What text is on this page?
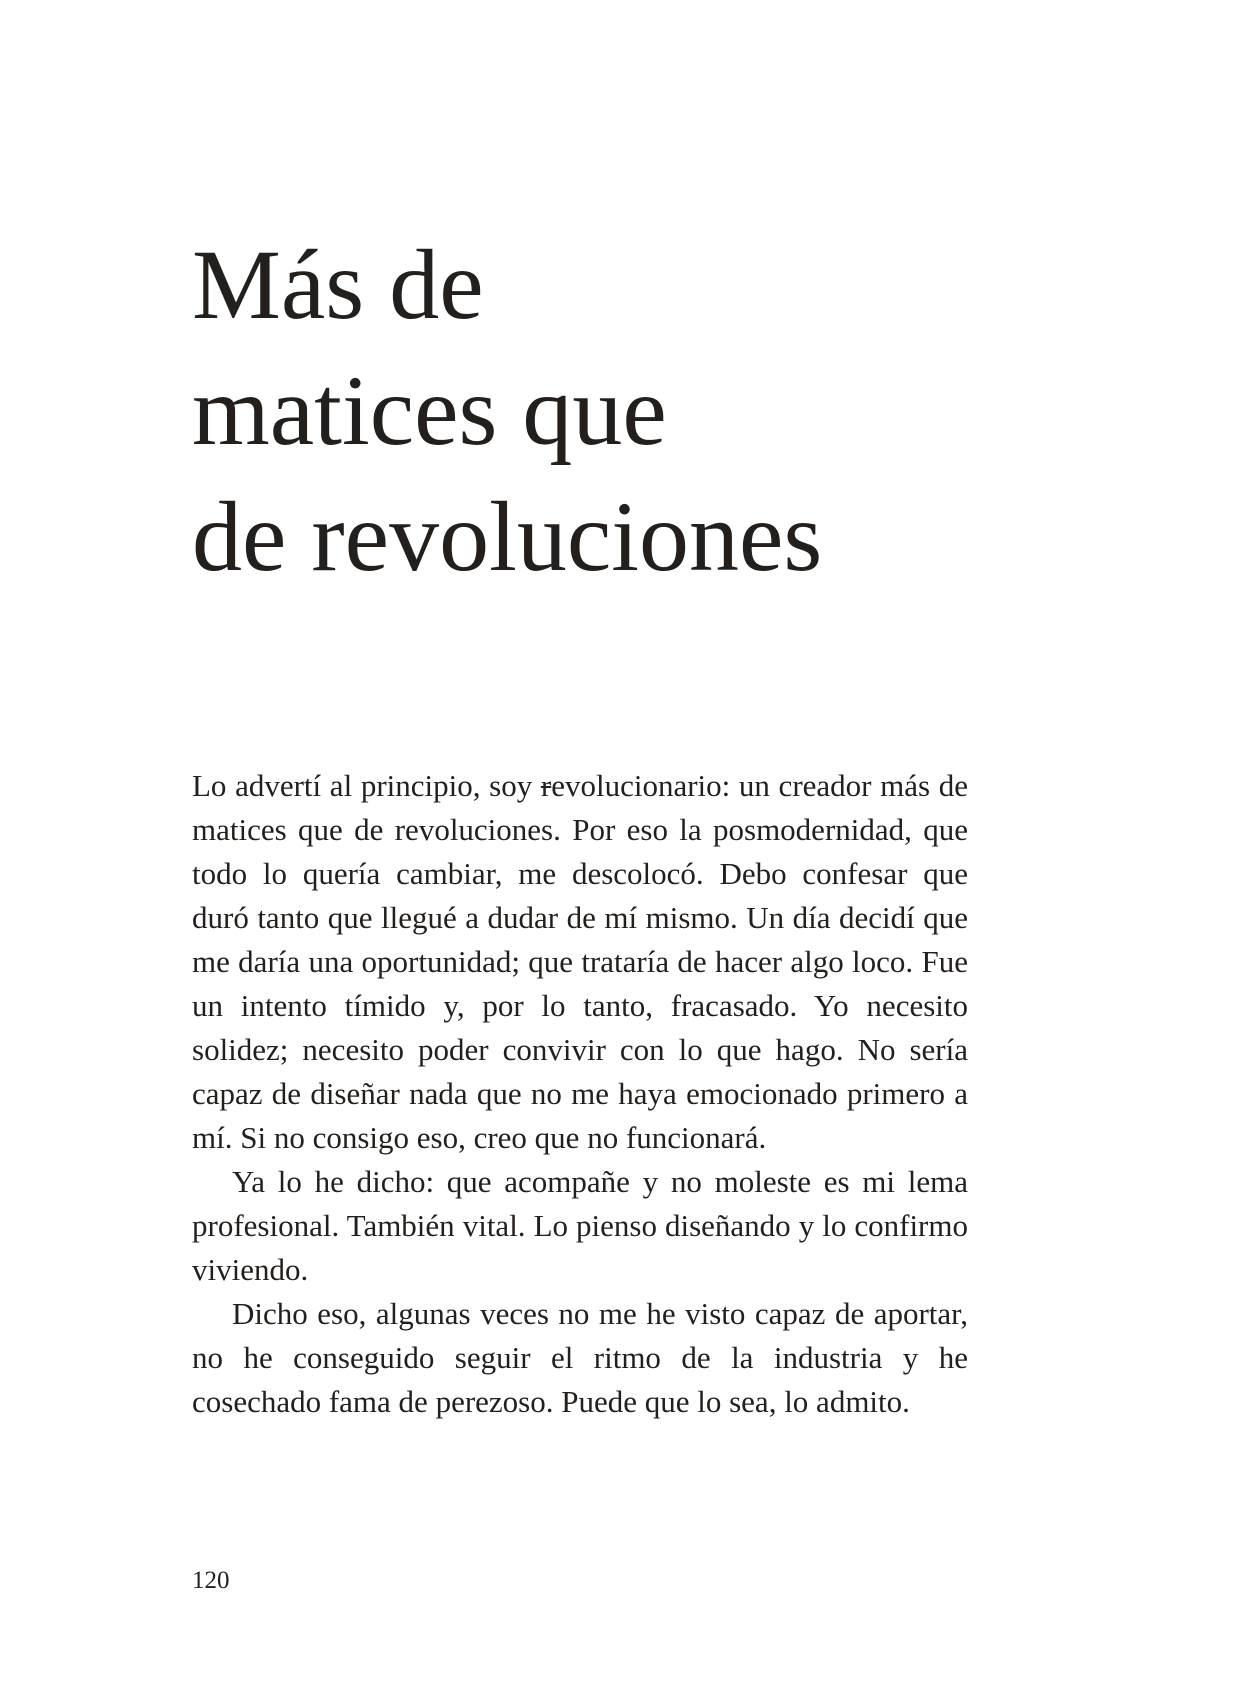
Más de
matices que
de revoluciones

Lo advertí al principio, soy revolucionario: un creador más de matices que de revoluciones. Por eso la posmodernidad, que todo lo quería cambiar, me descolocó. Debo confesar que duró tanto que llegué a dudar de mí mismo. Un día decidí que me daría una oportunidad; que trataría de hacer algo loco. Fue un intento tímido y, por lo tanto, fracasado. Yo necesito solidez; necesito poder convivir con lo que hago. No sería capaz de diseñar nada que no me haya emocionado primero a mí. Si no consigo eso, creo que no funcionará.

Ya lo he dicho: que acompañe y no moleste es mi lema profesional. También vital. Lo pienso diseñando y lo confirmo viviendo.

Dicho eso, algunas veces no me he visto capaz de aportar, no he conseguido seguir el ritmo de la industria y he cosechado fama de perezoso. Puede que lo sea, lo admito.

120
